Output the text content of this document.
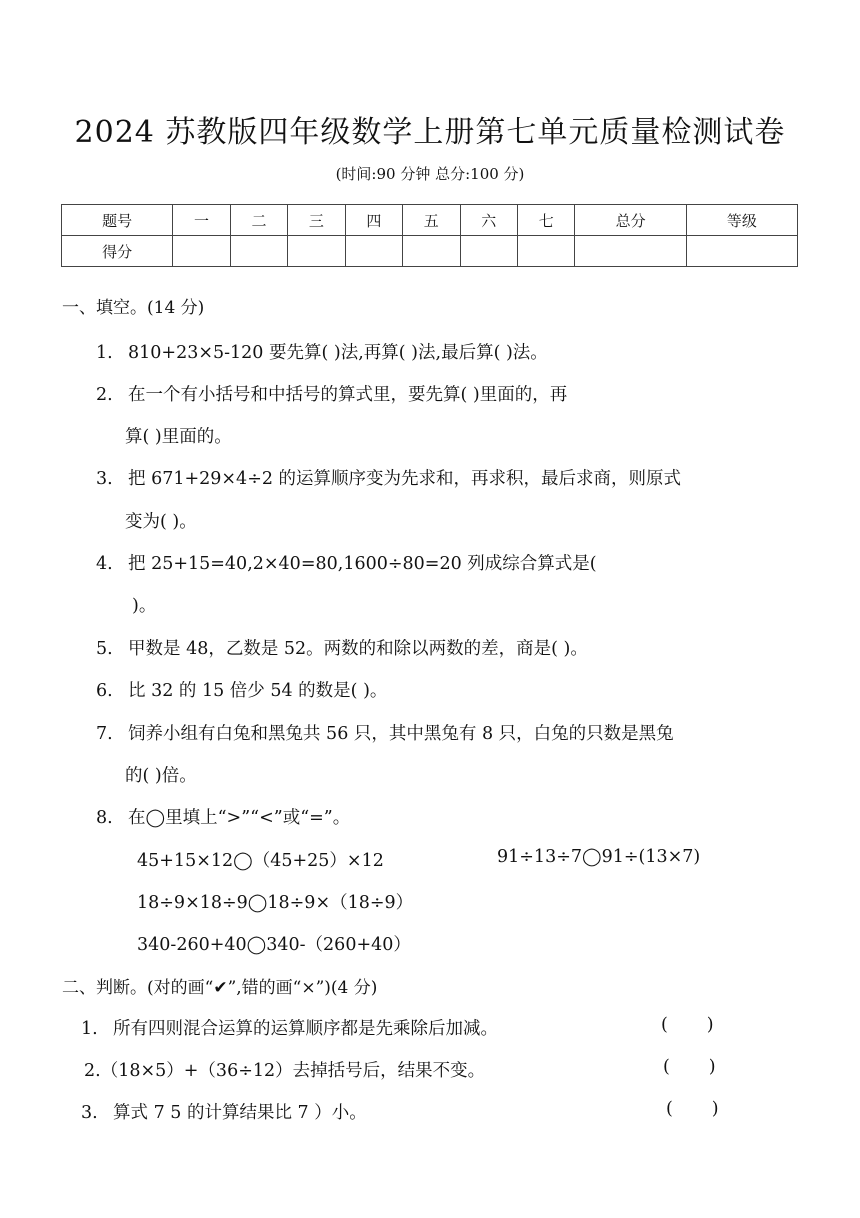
2024 苏教版四年级数学上册第七单元质量检测试卷
(时间:90 分钟 总分:100 分)
题号	一	二	三	四	五	六	七	总分	等级
得分									
一、填空。(14 分)
1. 810+23×5-120 要先算( )法,再算( )法,最后算( )法。
2. 在一个有小括号和中括号的算式里，要先算( )里面的，再
算( )里面的。
3. 把 671+29×4÷2 的运算顺序变为先求和，再求积，最后求商，则原式
变为( )。
4. 把 25+15=40,2×40=80,1600÷80=20 列成综合算式是(
)。
5. 甲数是 48，乙数是 52。两数的和除以两数的差，商是( )。
6. 比 32 的 15 倍少 54 的数是( )。
7. 饲养小组有白兔和黑兔共 56 只，其中黑兔有 8 只，白兔的只数是黑兔
的( )倍。
8. 在◯里填上“>”“<”或“=”。
45+15×12◯（45+25）×12	91÷13÷7◯91÷(13×7)
18÷9×18÷9◯18÷9×（18÷9）
340-260+40◯340-（260+40）
二、判断。(对的画“✔”,错的画“×”)(4 分)
1. 所有四则混合运算的运算顺序都是先乘除后加减。	(       )
2.（18×5）+（36÷12）去掉括号后，结果不变。	(       )
3. 算式 7 5 的计算结果比 7 ）小。	(       )
